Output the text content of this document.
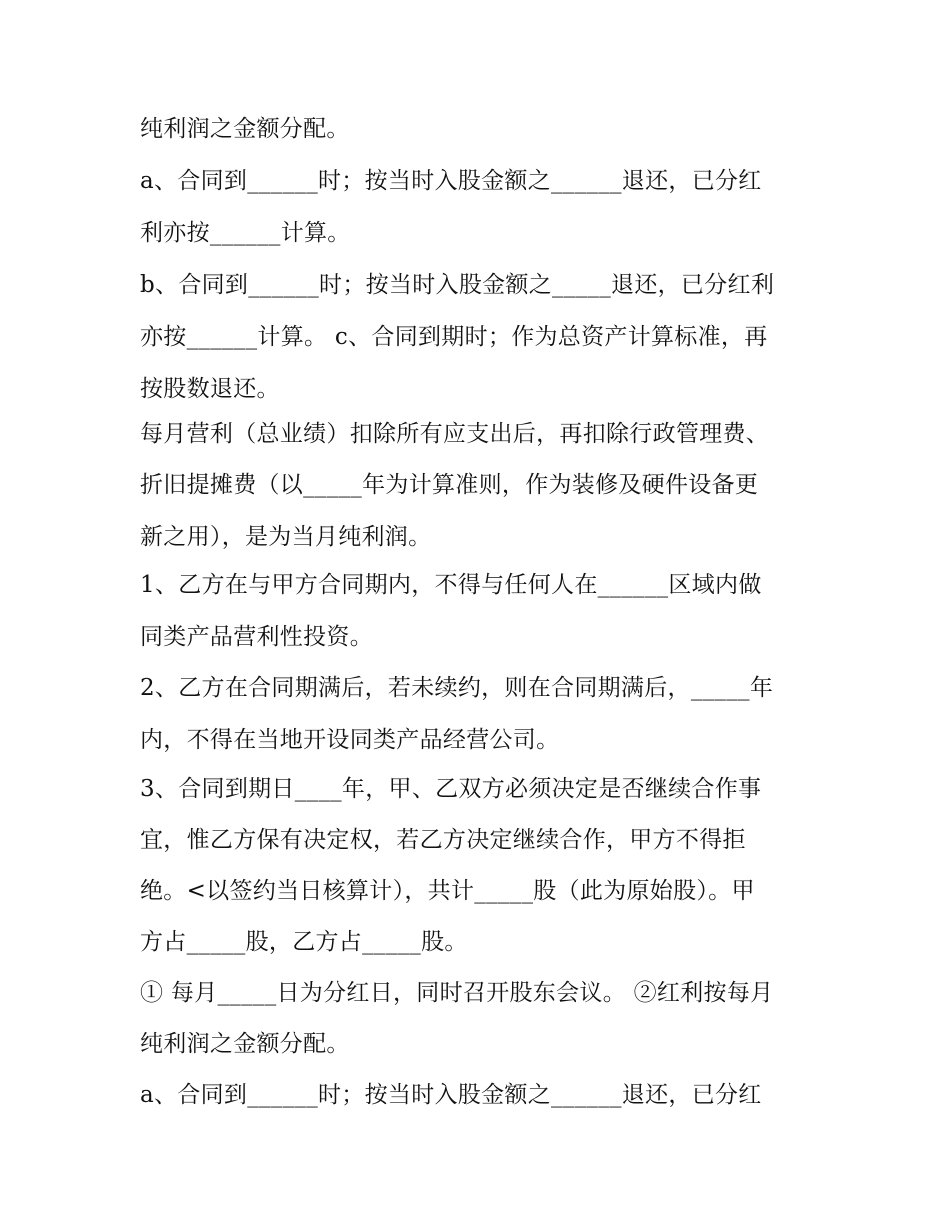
纯利润之金额分配。
a、合同到______时；按当时入股金额之______退还，已分红
利亦按______计算。
b、合同到______时；按当时入股金额之_____退还，已分红利
亦按______计算。 c、合同到期时；作为总资产计算标准，再
按股数退还。
每月营利（总业绩）扣除所有应支出后，再扣除行政管理费、
折旧提摊费（以_____年为计算准则，作为装修及硬件设备更
新之用），是为当月纯利润。
1、乙方在与甲方合同期内，不得与任何人在______区域内做
同类产品营利性投资。
2、乙方在合同期满后，若未续约，则在合同期满后，_____年
内，不得在当地开设同类产品经营公司。
3、合同到期日____年，甲、乙双方必须决定是否继续合作事
宜，惟乙方保有决定权，若乙方决定继续合作，甲方不得拒
绝。<以签约当日核算计），共计_____股（此为原始股）。甲
方占_____股，乙方占_____股。
① 每月_____日为分红日，同时召开股东会议。 ②红利按每月
纯利润之金额分配。
a、合同到______时；按当时入股金额之______退还，已分红
